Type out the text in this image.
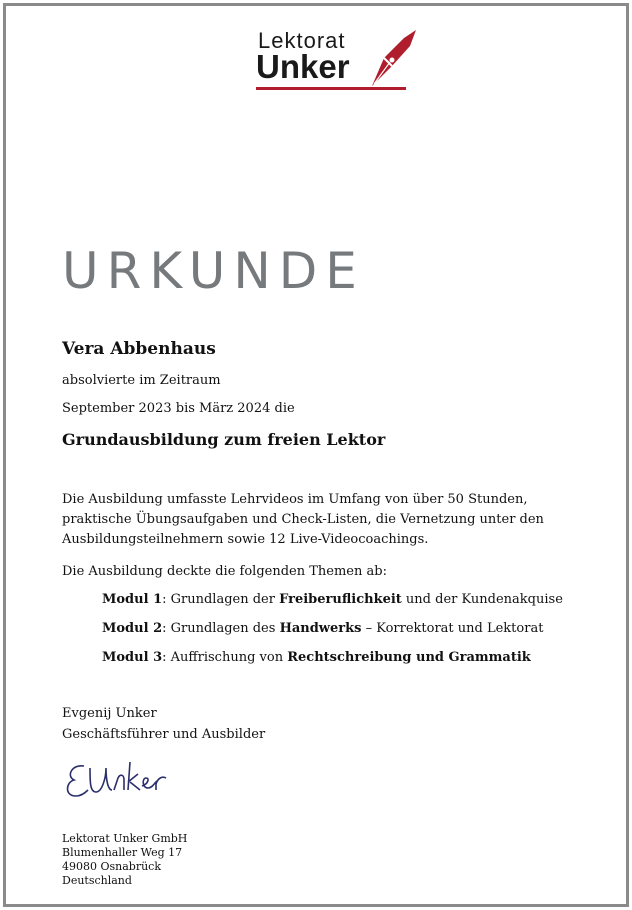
Lektorat
Unker
URKUNDE
Vera Abbenhaus
absolvierte im Zeitraum
September 2023 bis März 2024 die
Grundausbildung zum freien Lektor
Die Ausbildung umfasste Lehrvideos im Umfang von über 50 Stunden,
praktische Übungsaufgaben und Check-Listen, die Vernetzung unter den
Ausbildungsteilnehmern sowie 12 Live-Videocoachings.
Die Ausbildung deckte die folgenden Themen ab:
Modul 1: Grundlagen der Freiberuflichkeit und der Kundenakquise
Modul 2: Grundlagen des Handwerks – Korrektorat und Lektorat
Modul 3: Auffrischung von Rechtschreibung und Grammatik
Evgenij Unker
Geschäftsführer und Ausbilder
Lektorat Unker GmbH
Blumenhaller Weg 17
49080 Osnabrück
Deutschland
